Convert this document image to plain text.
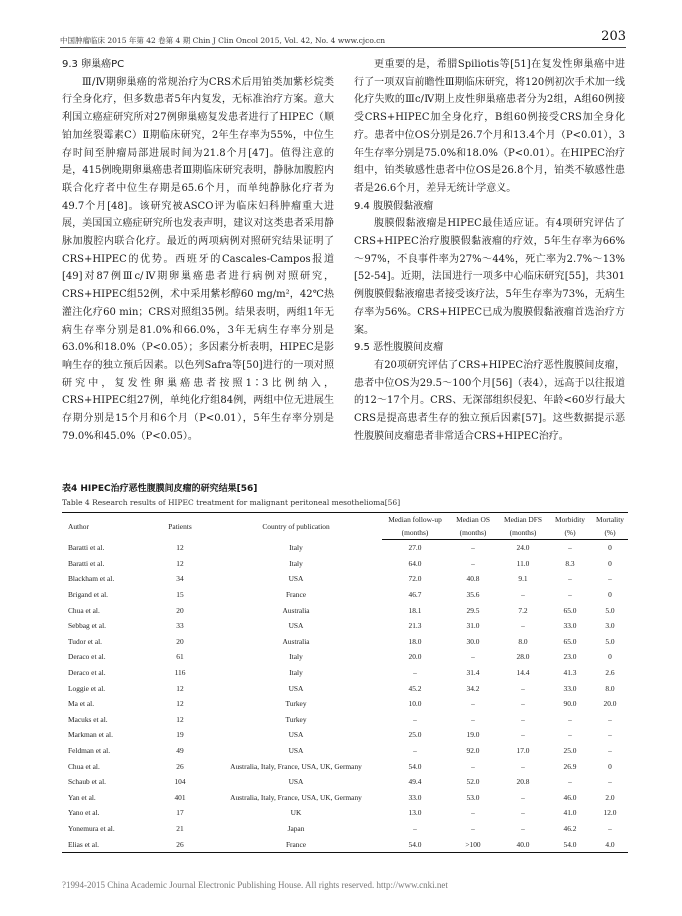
中国肿瘤临床 2015 年第 42 卷第 4 期 Chin J Clin Oncol 2015, Vol. 42, No. 4 www.cjco.cn	203
9.3 卵巢癌PC

Ⅲ/Ⅳ期卵巢癌的常规治疗为CRS术后用铂类加紫杉烷类行全身化疗，但多数患者5年内复发，无标准治疗方案。意大利国立癌症研究所对27例卵巢癌复发患者进行了HIPEC（顺铂加丝裂霉素C）Ⅱ期临床研究，2年生存率为55%，中位生存时间至肿瘤局部进展时间为21.8个月[47]。值得注意的是，415例晚期卵巢癌患者Ⅲ期临床研究表明，静脉加腹腔内联合化疗者中位生存期是65.6个月，而单纯静脉化疗者为49.7个月[48]。该研究被ASCO评为临床妇科肿瘤重大进展，美国国立癌症研究所也发表声明，建议对这类患者采用静脉加腹腔内联合化疗。最近的两项病例对照研究结果证明了CRS+HIPEC的优势。西班牙的Cascales-Campos报道[49]对87例Ⅲc/Ⅳ期卵巢癌患者进行病例对照研究，CRS+HIPEC组52例，术中采用紫杉醇60 mg/m²，42℃热灌注化疗60 min；CRS对照组35例。结果表明，两组1年无病生存率分别是81.0%和66.0%，3年无病生存率分别是63.0%和18.0%（P<0.05）；多因素分析表明，HIPEC是影响生存的独立预后因素。以色列Safra等[50]进行的一项对照研究中，复发性卵巢癌患者按照1∶3比例纳入，CRS+HIPEC组27例，单纯化疗组84例，两组中位无进展生存期分别是15个月和6个月（P<0.01），5年生存率分别是79.0%和45.0%（P<0.05）。

更重要的是，希腊Spiliotis等[51]在复发性卵巢癌中进行了一项双盲前瞻性Ⅲ期临床研究，将120例初次手术加一线化疗失败的Ⅲc/Ⅳ期上皮性卵巢癌患者分为2组，A组60例接受CRS+HIPEC加全身化疗，B组60例接受CRS加全身化疗。患者中位OS分别是26.7个月和13.4个月（P<0.01），3年生存率分别是75.0%和18.0%（P<0.01）。在HIPEC治疗组中，铂类敏感性患者中位OS是26.8个月，铂类不敏感性患者是26.6个月，差异无统计学意义。

9.4 腹膜假黏液瘤

腹膜假黏液瘤是HIPEC最佳适应证。有4项研究评估了CRS+HIPEC治疗腹膜假黏液瘤的疗效，5年生存率为66%～97%，不良事件率为27%～44%，死亡率为2.7%～13%[52-54]。近期，法国进行一项多中心临床研究[55]，共301例腹膜假黏液瘤患者接受该疗法，5年生存率为73%，无病生存率为56%。CRS+HIPEC已成为腹膜假黏液瘤首选治疗方案。

9.5 恶性腹膜间皮瘤

有20项研究评估了CRS+HIPEC治疗恶性腹膜间皮瘤，患者中位OS为29.5～100个月[56]（表4），远高于以往报道的12～17个月。CRS、无深部组织侵犯、年龄<60岁行最大CRS是提高患者生存的独立预后因素[57]。这些数据提示恶性腹膜间皮瘤患者非常适合CRS+HIPEC治疗。

表4 HIPEC治疗恶性腹膜间皮瘤的研究结果[56]
Table 4 Research results of HIPEC treatment for malignant peritoneal mesothelioma[56]
Author	Patients	Country of publication	Median follow-up	Median OS	Median DFS	Morbidity	Mortality
			(months)	(months)	(months)	(%)	(%)
Baratti et al.	12	Italy	27.0	–	24.0	–	0
Baratti et al.	12	Italy	64.0	–	11.0	8.3	0
Blackham et al.	34	USA	72.0	40.8	9.1	–	–
Brigand et al.	15	France	46.7	35.6	–	–	0
Chua et al.	20	Australia	18.1	29.5	7.2	65.0	5.0
Sebbag et al.	33	USA	21.3	31.0	–	33.0	3.0
Tudor et al.	20	Australia	18.0	30.0	8.0	65.0	5.0
Deraco et al.	61	Italy	20.0	–	28.0	23.0	0
Deraco et al.	116	Italy	–	31.4	14.4	41.3	2.6
Loggie et al.	12	USA	45.2	34.2	–	33.0	8.0
Ma et al.	12	Turkey	10.0	–	–	90.0	20.0
Macuks et al.	12	Turkey	–	–	–	–	–
Markman et al.	19	USA	25.0	19.0	–	–	–
Feldman et al.	49	USA	–	92.0	17.0	25.0	–
Chua et al.	26	Australia, Italy, France, USA, UK, Germany	54.0	–	–	26.9	0
Schaub et al.	104	USA	49.4	52.0	20.8	–	–
Yan et al.	401	Australia, Italy, France, USA, UK, Germany	33.0	53.0	–	46.0	2.0
Yano et al.	17	UK	13.0	–	–	41.0	12.0
Yonemura et al.	21	Japan	–	–	–	46.2	–
Elias et al.	26	France	54.0	>100	40.0	54.0	4.0
?1994-2015 China Academic Journal Electronic Publishing House. All rights reserved. http://www.cnki.net
